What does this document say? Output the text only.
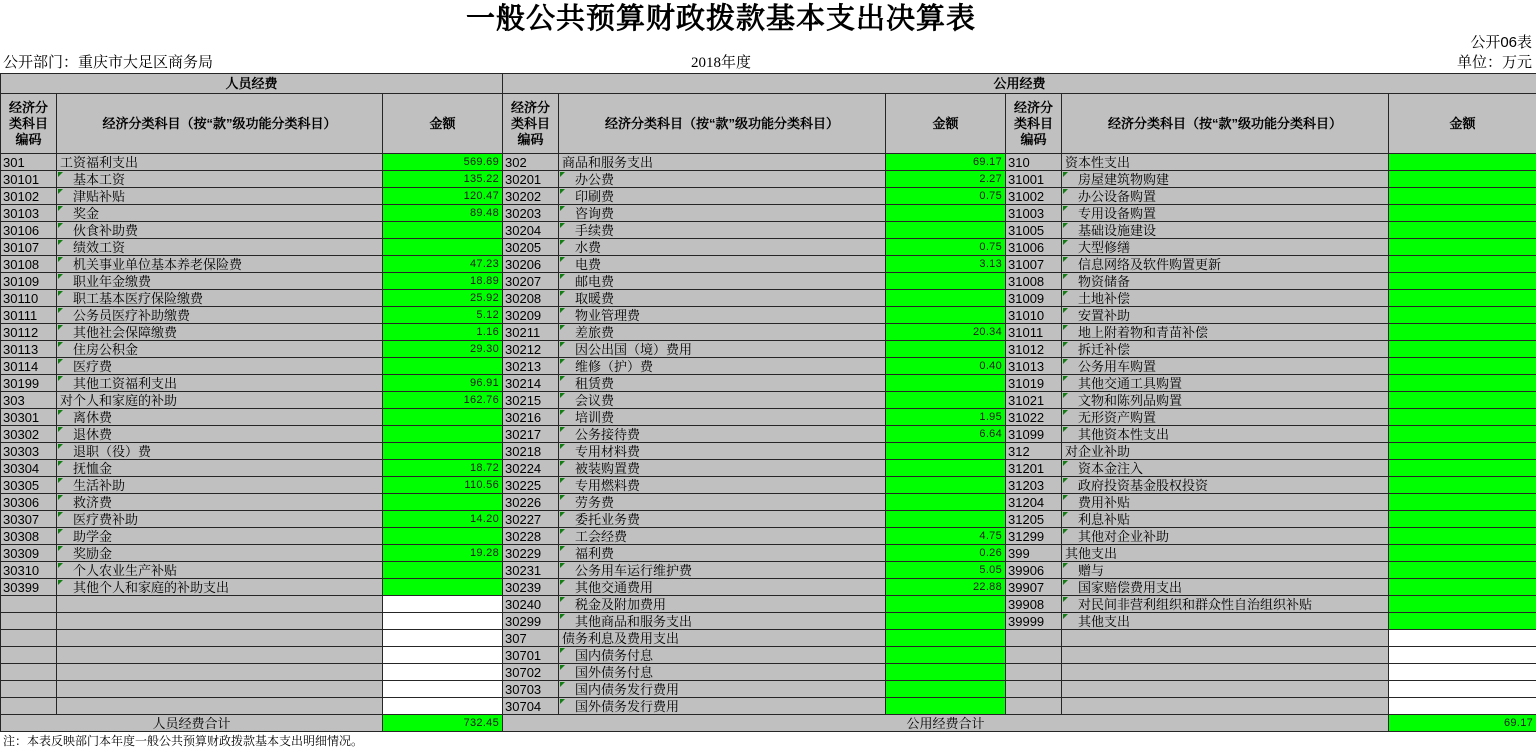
一般公共预算财政拨款基本支出决算表
公开06表
公开部门：重庆市大足区商务局	2018年度	单位：万元
人员经费			公用经费					
经济分类科目编码	经济分类科目（按“款”级功能分类科目）	金额	经济分类科目编码	经济分类科目（按“款”级功能分类科目）	金额	经济分类科目编码	经济分类科目（按“款”级功能分类科目）	金额
301	工资福利支出	569.69	302	商品和服务支出	69.17	310	资本性支出	
30101	基本工资	135.22	30201	办公费	2.27	31001	房屋建筑物购建	
30102	津贴补贴	120.47	30202	印刷费	0.75	31002	办公设备购置	
30103	奖金	89.48	30203	咨询费		31003	专用设备购置	
30106	伙食补助费		30204	手续费		31005	基础设施建设	
30107	绩效工资		30205	水费	0.75	31006	大型修缮	
30108	机关事业单位基本养老保险费	47.23	30206	电费	3.13	31007	信息网络及软件购置更新	
30109	职业年金缴费	18.89	30207	邮电费		31008	物资储备	
30110	职工基本医疗保险缴费	25.92	30208	取暖费		31009	土地补偿	
30111	公务员医疗补助缴费	5.12	30209	物业管理费		31010	安置补助	
30112	其他社会保障缴费	1.16	30211	差旅费	20.34	31011	地上附着物和青苗补偿	
30113	住房公积金	29.30	30212	因公出国（境）费用		31012	拆迁补偿	
30114	医疗费		30213	维修（护）费	0.40	31013	公务用车购置	
30199	其他工资福利支出	96.91	30214	租赁费		31019	其他交通工具购置	
303	对个人和家庭的补助	162.76	30215	会议费		31021	文物和陈列品购置	
30301	离休费		30216	培训费	1.95	31022	无形资产购置	
30302	退休费		30217	公务接待费	6.64	31099	其他资本性支出	
30303	退职（役）费		30218	专用材料费		312	对企业补助	
30304	抚恤金	18.72	30224	被装购置费		31201	资本金注入	
30305	生活补助	110.56	30225	专用燃料费		31203	政府投资基金股权投资	
30306	救济费		30226	劳务费		31204	费用补贴	
30307	医疗费补助	14.20	30227	委托业务费		31205	利息补贴	
30308	助学金		30228	工会经费	4.75	31299	其他对企业补助	
30309	奖励金	19.28	30229	福利费	0.26	399	其他支出	
30310	个人农业生产补贴		30231	公务用车运行维护费	5.05	39906	赠与	
30399	其他个人和家庭的补助支出		30239	其他交通费用	22.88	39907	国家赔偿费用支出	
			30240	税金及附加费用		39908	对民间非营利组织和群众性自治组织补贴	
			30299	其他商品和服务支出		39999	其他支出	
			307	债务利息及费用支出				
			30701	国内债务付息				
			30702	国外债务付息				
			30703	国内债务发行费用				
			30704	国外债务发行费用				
人员经费合计		732.45	公用经费合计					69.17
注：本表反映部门本年度一般公共预算财政拨款基本支出明细情况。
